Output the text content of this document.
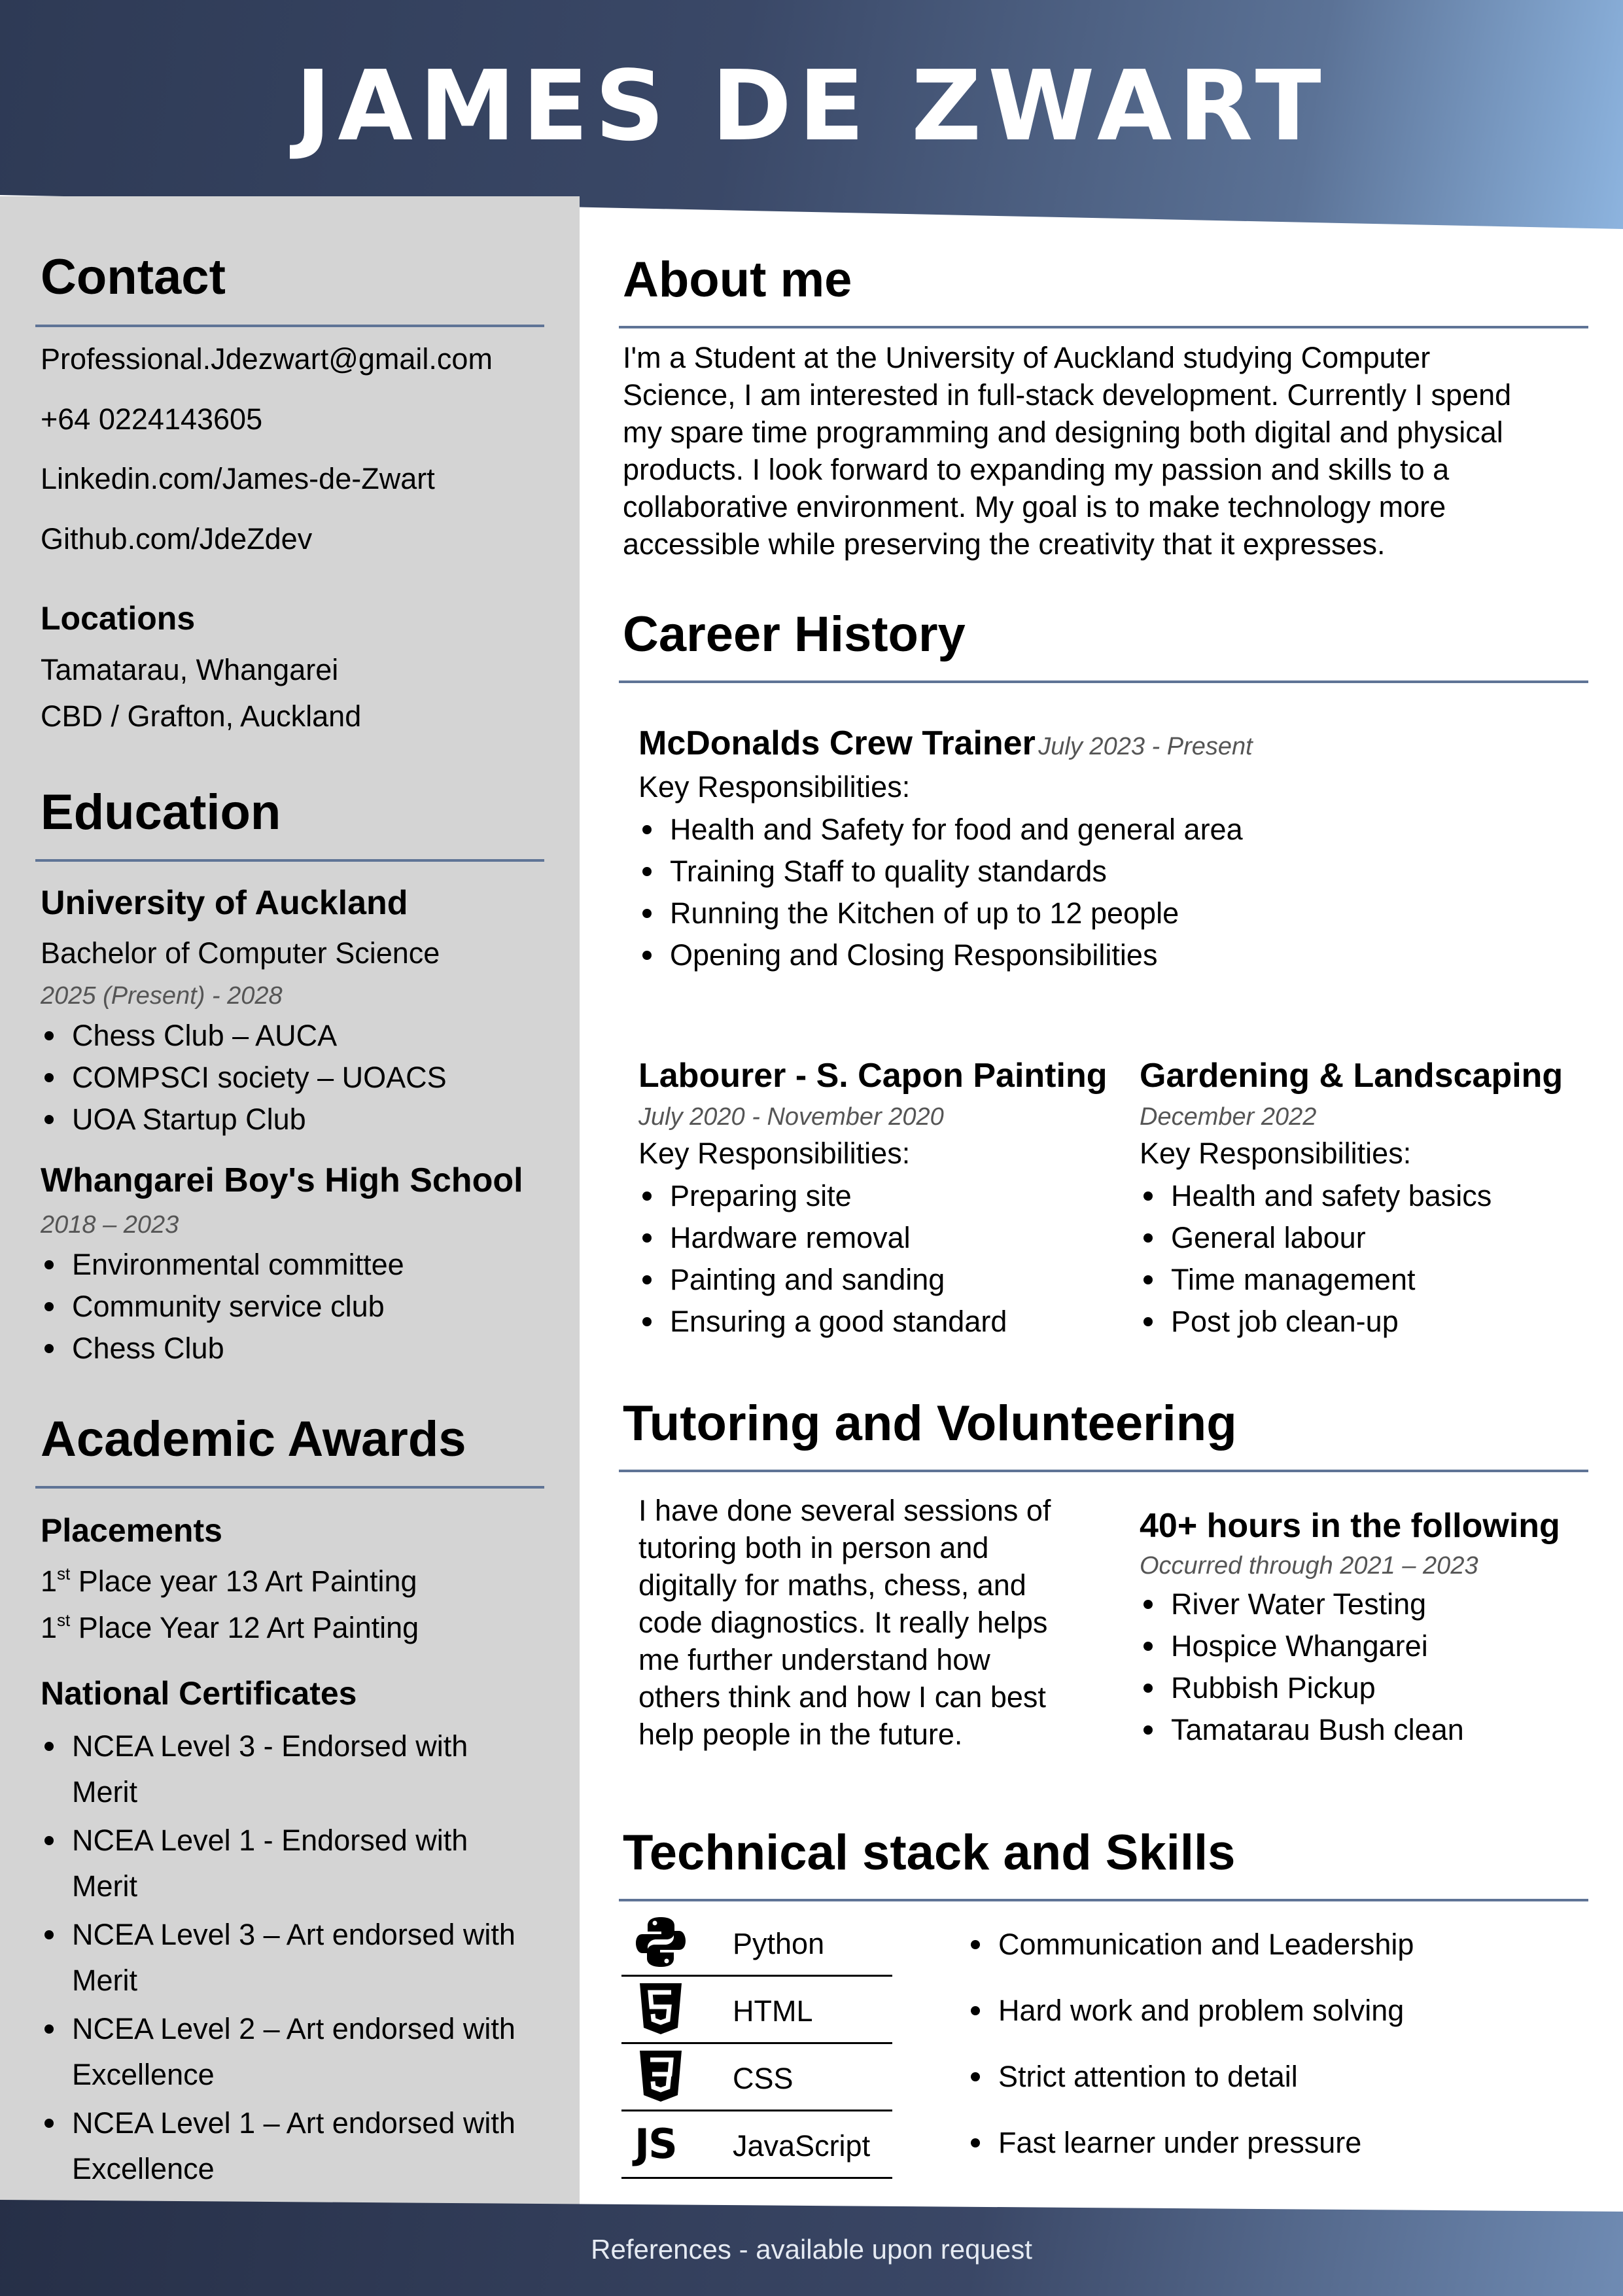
JAMES DE ZWART
Contact
Professional.Jdezwart@gmail.com
+64 0224143605
Linkedin.com/James-de-Zwart
Github.com/JdeZdev
Locations
Tamatarau, Whangarei
CBD / Grafton, Auckland
Education
University of Auckland
Bachelor of Computer Science
2025 (Present) - 2028
Chess Club – AUCA
COMPSCI society – UOACS
UOA Startup Club
Whangarei Boy's High School
2018 – 2023
Environmental committee
Community service club
Chess Club
Academic Awards
Placements
1st Place year 13 Art Painting
1st Place Year 12 Art Painting
National Certificates
NCEA Level 3 - Endorsed with
Merit
NCEA Level 1 - Endorsed with
Merit
NCEA Level 3 – Art endorsed with
Merit
NCEA Level 2 – Art endorsed with
Excellence
NCEA Level 1 – Art endorsed with
Excellence
About me
I'm a Student at the University of Auckland studying Computer
Science, I am interested in full-stack development. Currently I spend
my spare time programming and designing both digital and physical
products. I look forward to expanding my passion and skills to a
collaborative environment. My goal is to make technology more
accessible while preserving the creativity that it expresses.
Career History
McDonalds Crew Trainer July 2023 - Present
Key Responsibilities:
Health and Safety for food and general area
Training Staff to quality standards
Running the Kitchen of up to 12 people
Opening and Closing Responsibilities
Labourer - S. Capon Painting
July 2020 - November 2020
Key Responsibilities:
Preparing site
Hardware removal
Painting and sanding
Ensuring a good standard
Gardening & Landscaping
December 2022
Key Responsibilities:
Health and safety basics
General labour
Time management
Post job clean-up
Tutoring and Volunteering
I have done several sessions of
tutoring both in person and
digitally for maths, chess, and
code diagnostics. It really helps
me further understand how
others think and how I can best
help people in the future.
40+ hours in the following
Occurred through 2021 – 2023
River Water Testing
Hospice Whangarei
Rubbish Pickup
Tamatarau Bush clean
Technical stack and Skills
Python
HTML
CSS
JS	JavaScript
Communication and Leadership
Hard work and problem solving
Strict attention to detail
Fast learner under pressure
References - available upon request
